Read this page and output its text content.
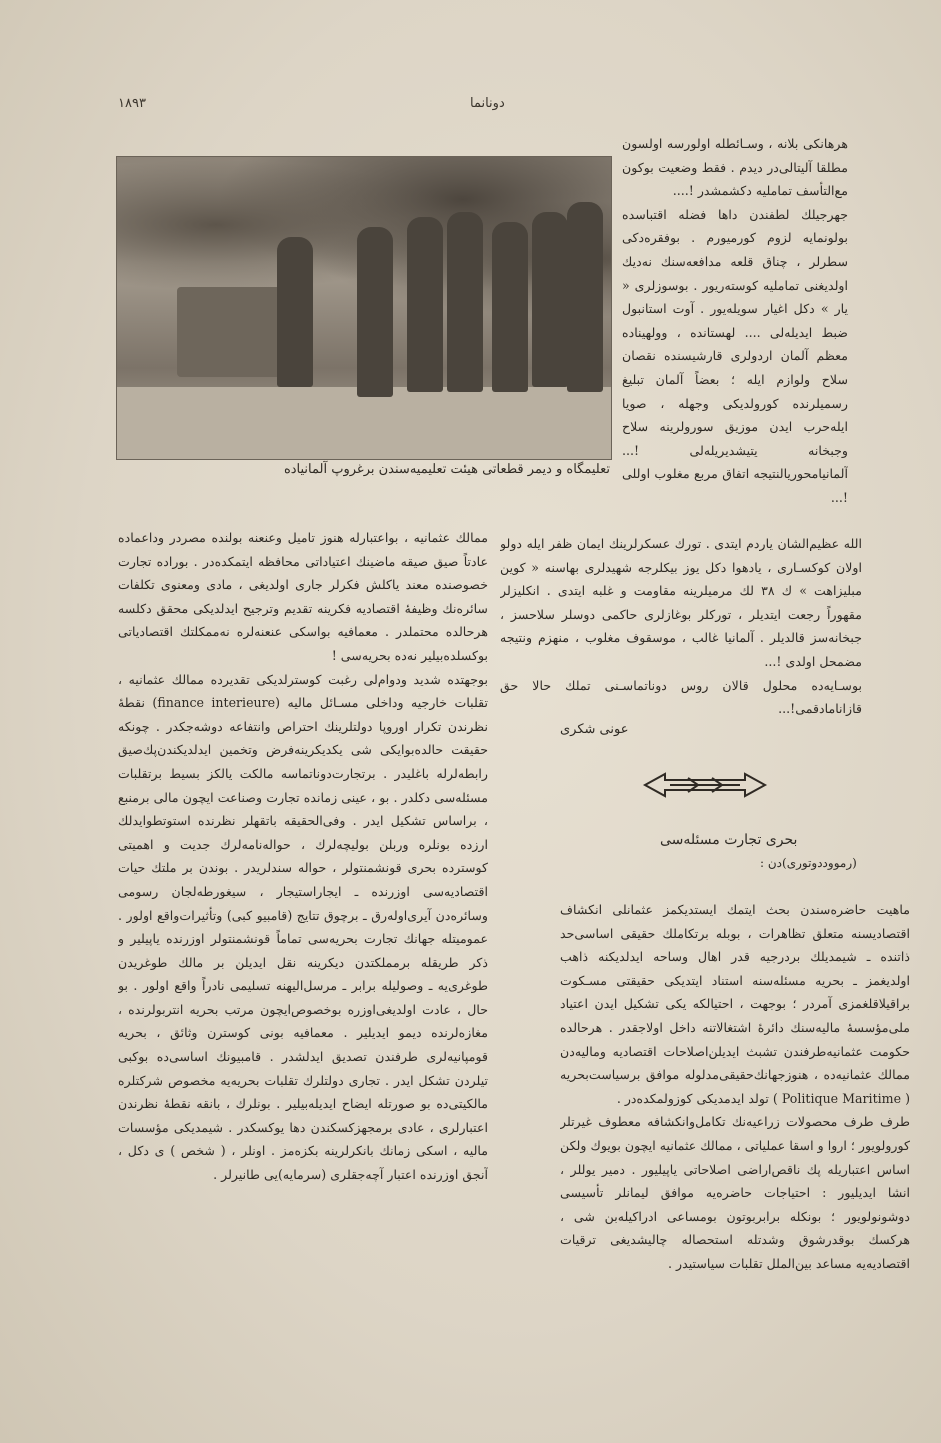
١٨٩٣	دونانما
تعلیمگاه و دیمر قطعاتی هیئت تعلیمیه‌سندن برغروپ آلمانیاده

هرهانکی بلانه ، وسـائطله اولورسه اولسون مطلقا آلیتالی‌در دیدم . فقط وضعیت بوکون مع‌التأسف تماملیه دکشمشدر !....

جهرجیلك لطفندن داها فضله اقتباسده بولونمایه لزوم کورمیورم . بوفقره‌دکی سطرلر ، چناق قلعه مدافعه‌سنك نه‌دیك اولدیغنی تماملیه کوسته‌ریور . بوسوزلری « یار » دکل اغیار سویله‌یور . آوت استانبول ضبط ایدیله‌لی .... لهستانده ، وولهیناده معظم آلمان اردولری قارشیسنده نقصان سلاح ولوازم ایله ؛ بعضاً آلمان تبلیغ رسمیلرنده کورولدیکی وجهله ، صویا ایله‌حرب ایدن موزیق سورولرینه سلاح وجبخانه یتیشدیریله‌لی !... آلمانیامحوریالنتیجه اتفاق مربع مغلوب اوللی !...

الله عظیم‌الشان یاردم ایتدی . تورك عسکرلرینك ایمان ظفر ایله دولو اولان کوکسـاری ، یادهوا دکل یوز بیکلرجه شهیدلری بهاسنه « کوین مبلیزاهت » ك ٣٨ لك مرمیلرینه مقاومت و غلبه ایتدی . انکلیزلر مقهوراً رجعت ایتدیلر ، تورکلر بوغازلری حاکمی دوسلر سلاحسز ، جبخانه‌سز قالدیلر . آلمانیا غالب ، موسقوف مغلوب ، منهزم ونتیجه مضمحل اولدی !...

بوسـایه‌ده محلول قالان روس دوناتماسـنی تملك حالا حق قازانامادقمی!...

عونی شکری
بحری تجارت مسئله‌سی
(رمووددوتوری)دن :

ممالك عثمانیه ، بواعتبارله هنوز تامیل وعنعنه بولنده مصردر وداعماده عادتاً صیق صیقه ماضینك اعتیاداتی محافظه ایتمکده‌در . بوراده تجارت خصوصنده معند یاکلش فکرلر جاری اولدیغی ، مادی ومعنوی تکلفات سائره‌نك وظیفهٔ اقتصادیه فکرینه تقدیم وترجیح ایدلدیکی محقق دکلسه هرحالده محتملدر . معمافیه بواسکی عنعنه‌لره نه‌ممکلتك اقتصادیاتی بوکسلده‌بیلیر نه‌ده بحریه‌سی !

بوجهتده شدید ودوام‌لی رغبت کوسترلدیکی تقدیرده ممالك عثمانیه ، تقلبات خارجیه وداخلی مسـائل مالیه (finance interieure) نقطهٔ نظرندن تکرار اوروپا دولتلرینك احتراص وانتفاعه دوشه‌جکدر . چونکه حقیقت حالده‌بوایکی شی یکدیکرینه‌فرض وتخمین ایدلدیکندن‌پك‌صیق رابطه‌لرله باغلیدر . برتجارت‌دوناتماسه مالکت یالکز بسیط برتقلبات مسئله‌سی دکلدر . بو ، عینی زمانده تجارت وصناعت ایچون مالی برمنبع ، براساس تشکیل ایدر . وفی‌الحقیقه باتقهلر نظرنده استوتطوایدلك ارزده بونلره وربلن بولیچه‌لرك ، حواله‌نامه‌لرك جدیت و اهمیتی کوسترده بحری قونشمنتولر ، حواله سندلریدر . بوندن بر ملتك حیات اقتصادیه‌سی اوزرنده ـ ایجاراستیجار ، سیغورطه‌لجان رسومی وسائره‌دن آیری‌اوله‌رق ـ برچوق تتایج (قامبیو کبی) وتأثیرات‌واقع اولور . عمومیتله جهانك تجارت بحریه‌سی تماماً قونشمنتولر اوزرنده یاپیلیر و ذکر طریقله برمملکتدن دیکرینه نقل ایدیلن بر مالك طوغریدن طوغری‌یه ـ وصولیله برابر ـ مرسل‌الیهنه تسلیمی نادراً واقع اولور . بو حال ، عادت اولدیغی‌اوزره بوخصوص‌ایچون مرتب بحریه انتربولرنده ، مغازه‌لرنده دیمو ایدیلیر . معمافیه بونی کوسترن وثائق ، بحریه قومپانیه‌لری طرفندن تصدیق ایدلشدر . قامبیونك اساسی‌ده بوکبی تیلردن تشکل ایدر . تجاری دولتلرك تقلبات بحریه‌یه مخصوص شرکتلره مالکیتی‌ده بو صورتله ایضاح ایدیله‌بیلیر . بونلرك ، بانقه نقطهٔ نظرندن اعتبارلری ، عادی برمجهزکسکندن دها یوکسکدر . شیمدیکی مؤسسات مالیه ، اسکی زمانك بانکرلرینه بکزه‌مز . اونلر ، ( شخص ) ی دکل ، آنجق اوزرنده اعتبار آچه‌جقلری (سرمایه)یی طانیرلر .

ماهیت حاضره‌سندن بحث ایتمك ایستدیکمز عثمانلی انکشاف اقتصادیسنه متعلق تظاهرات ، بوبله برتکاملك حقیقی اساسی‌حد ذاتنده ـ شیمدیلك بردرجیه قدر اهال وساحه ایدلدیکنه ذاهب اولدیغمز ـ بحریه مسئله‌سنه استناد ایتدیکی حقیقتی مسـکوت براقیلاقلغمزی آمردر ؛ بوجهت ، احتیالکه یکی تشکیل ایدن اعتیاد ملی‌مؤسسهٔ مالیه‌سنك دائرهٔ اشتغالاتنه داخل اولاجقدر . هرحالده حکومت عثمانیه‌طرفندن تشبث ایدیلن‌اصلاحات اقتصادیه ومالیه‌دن ممالك عثمانیه‌ده ، هنوزجهانك‌حقیقی‌مدلوله موافق برسیاست‌بحریه ( Politique Maritime ) تولد ایدمدیکی کوزولمکده‌در .

طرف طرف محصولات زراعیه‌نك تکامل‌وانکشافه معطوف غیرتلر کورولویور ؛ اروا و اسقا عملیاتی ، ممالك عثمانیه ایچون بویوك ولکن اساس اعتباریله پك ناقص‌اراضی اصلاحاتی یاپیلیور . دمیر یوللر ، انشا ایدیلیور : احتیاجات حاضره‌یه موافق لیمانلر تأسیسی دوشونولویور ؛ بونکله برابربوتون بومساعی ادراکیله‌بن شی ، هرکسك بوقدرشوق وشدتله استحصاله چالیشدیغی ترقیات اقتصادیه‌یه مساعد بین‌الملل تقلبات سیاستیدر .
